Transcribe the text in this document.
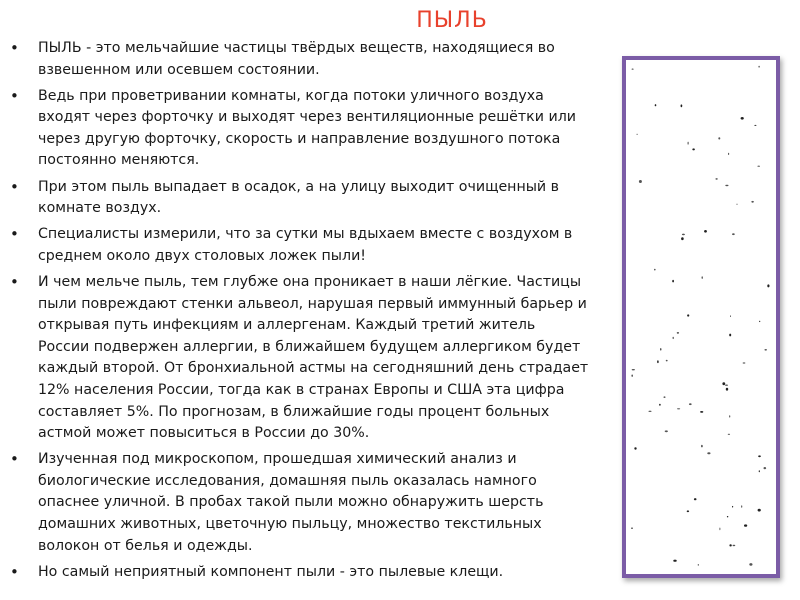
ПЫЛЬ
• ПЫЛЬ - это мельчайшие частицы твёрдых веществ, находящиеся во взвешенном или осевшем состоянии.
• Ведь при проветривании комнаты, когда потоки уличного воздуха входят через форточку и выходят через вентиляционные решётки или через другую форточку, скорость и направление воздушного потока постоянно меняются.
• При этом пыль выпадает в осадок, а на улицу выходит очищенный в комнате воздух.
• Специалисты измерили, что за сутки мы вдыхаем вместе с воздухом в среднем около двух столовых ложек пыли!
• И чем мельче пыль, тем глубже она проникает в наши лёгкие. Частицы пыли повреждают стенки альвеол, нарушая первый иммунный барьер и открывая путь инфекциям и аллергенам. Каждый третий житель России подвержен аллергии, в ближайшем будущем аллергиком будет каждый второй. От бронхиальной астмы на сегодняшний день страдает 12% населения России, тогда как в странах Европы и США эта цифра составляет 5%. По прогнозам, в ближайшие годы процент больных астмой может повыситься в России до 30%.
• Изученная под микроскопом, прошедшая химический анализ и биологические исследования, домашняя пыль оказалась намного опаснее уличной. В пробах такой пыли можно обнаружить шерсть домашних животных, цветочную пыльцу, множество текстильных волокон от белья и одежды.
• Но самый неприятный компонент пыли - это пылевые клещи.
